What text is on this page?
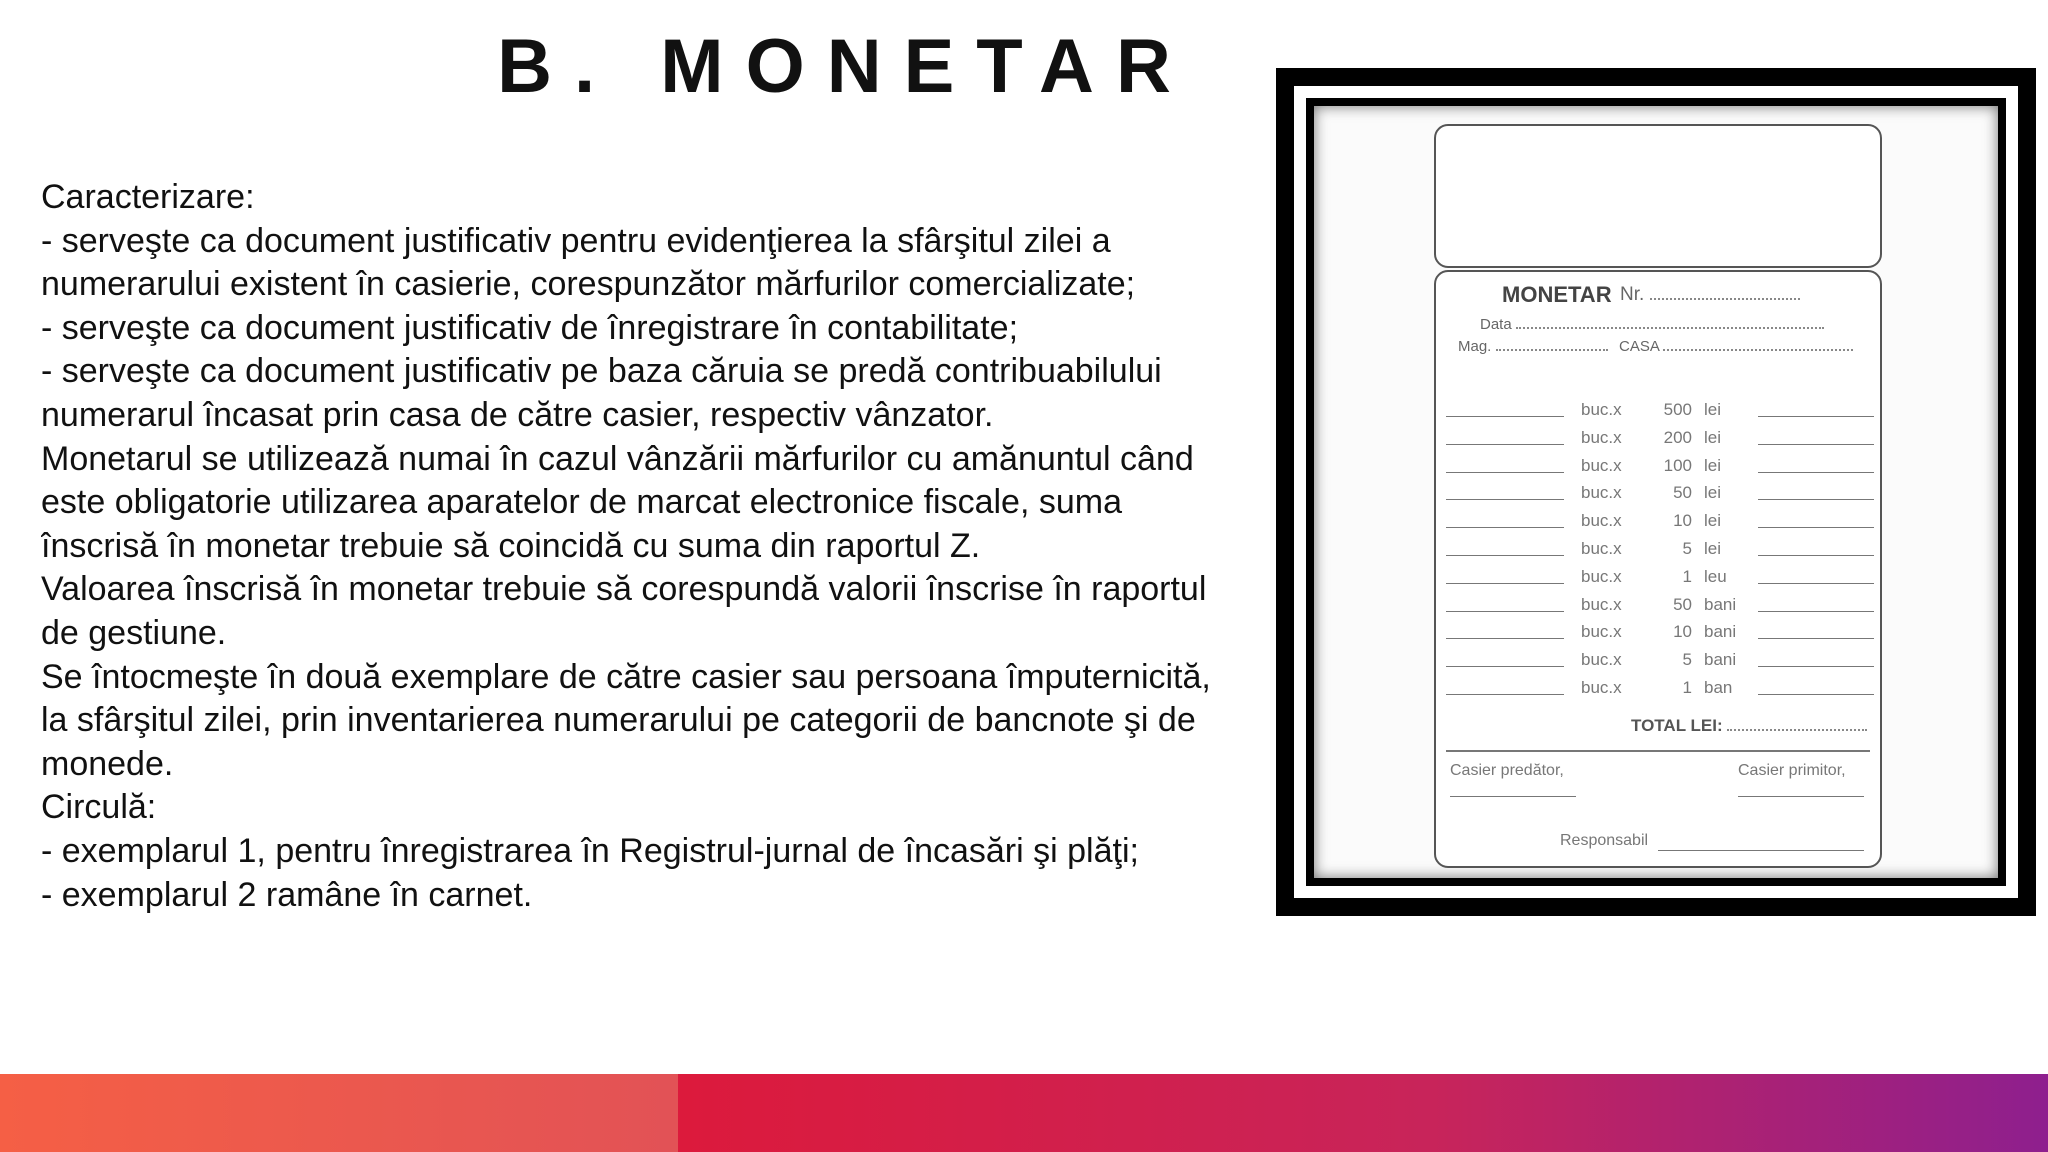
B. MONETAR
Caracterizare:
- serveşte ca document justificativ pentru evidenţierea la sfârşitul zilei a
numerarului existent în casierie, corespunzător mărfurilor comercializate;
- serveşte ca document justificativ de înregistrare în contabilitate;
- serveşte ca document justificativ pe baza căruia se predă contribuabilului
numerarul încasat prin casa de către casier, respectiv vânzator.
Monetarul se utilizează numai în cazul vânzării mărfurilor cu amănuntul când
este obligatorie utilizarea aparatelor de marcat electronice fiscale, suma
înscrisă în monetar trebuie să coincidă cu suma din raportul Z.
Valoarea înscrisă în monetar trebuie să corespundă valorii înscrise în raportul
de gestiune.
Se întocmeşte în două exemplare de către casier sau persoana împuternicită,
la sfârşitul zilei, prin inventarierea numerarului pe categorii de bancnote şi de
monede.
Circulă:
- exemplarul 1, pentru înregistrarea în Registrul-jurnal de încasări şi plăţi;
- exemplarul 2 ramâne în carnet.
MONETAR Nr.
Data
Mag.	CASA
TOTAL LEI:
Casier predător,	Casier primitor,
Responsabil
buc.x	500 lei
buc.x	200 lei
buc.x	100 lei
buc.x	50 lei
buc.x	10 lei
buc.x	5 lei
buc.x	1 leu
buc.x	50 bani
buc.x	10 bani
buc.x	5 bani
buc.x	1 ban
